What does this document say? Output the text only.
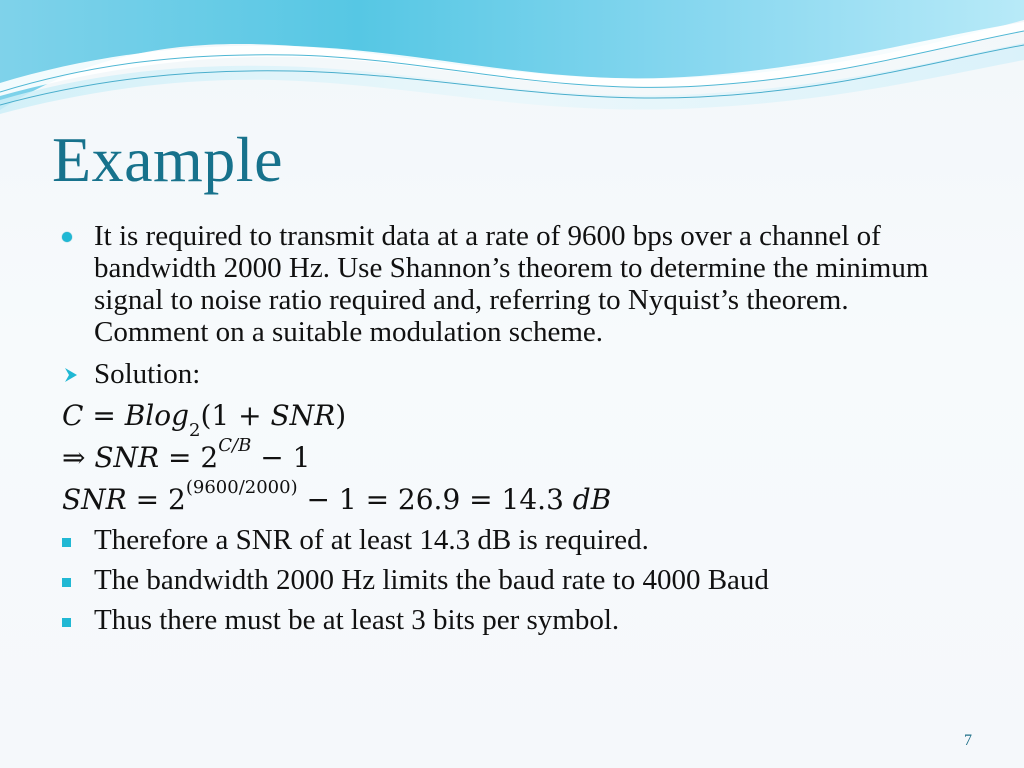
Example
It is required to transmit data at a rate of 9600 bps over a channel of bandwidth 2000 Hz. Use Shannon’s theorem to determine the minimum signal to noise ratio required and, referring to Nyquist’s theorem. Comment on a suitable modulation scheme.
Solution:
C = Blog$_2$(1 + SNR)
⇒ SNR = $2^{C/B} - 1$
SNR = $2^{(9600/2000)} - 1 = 26.9 = 14.3$ dB
Therefore a SNR of at least 14.3 dB is required.
The bandwidth 2000 Hz limits the baud rate to 4000 Baud
Thus there must be at least 3 bits per symbol.
7
